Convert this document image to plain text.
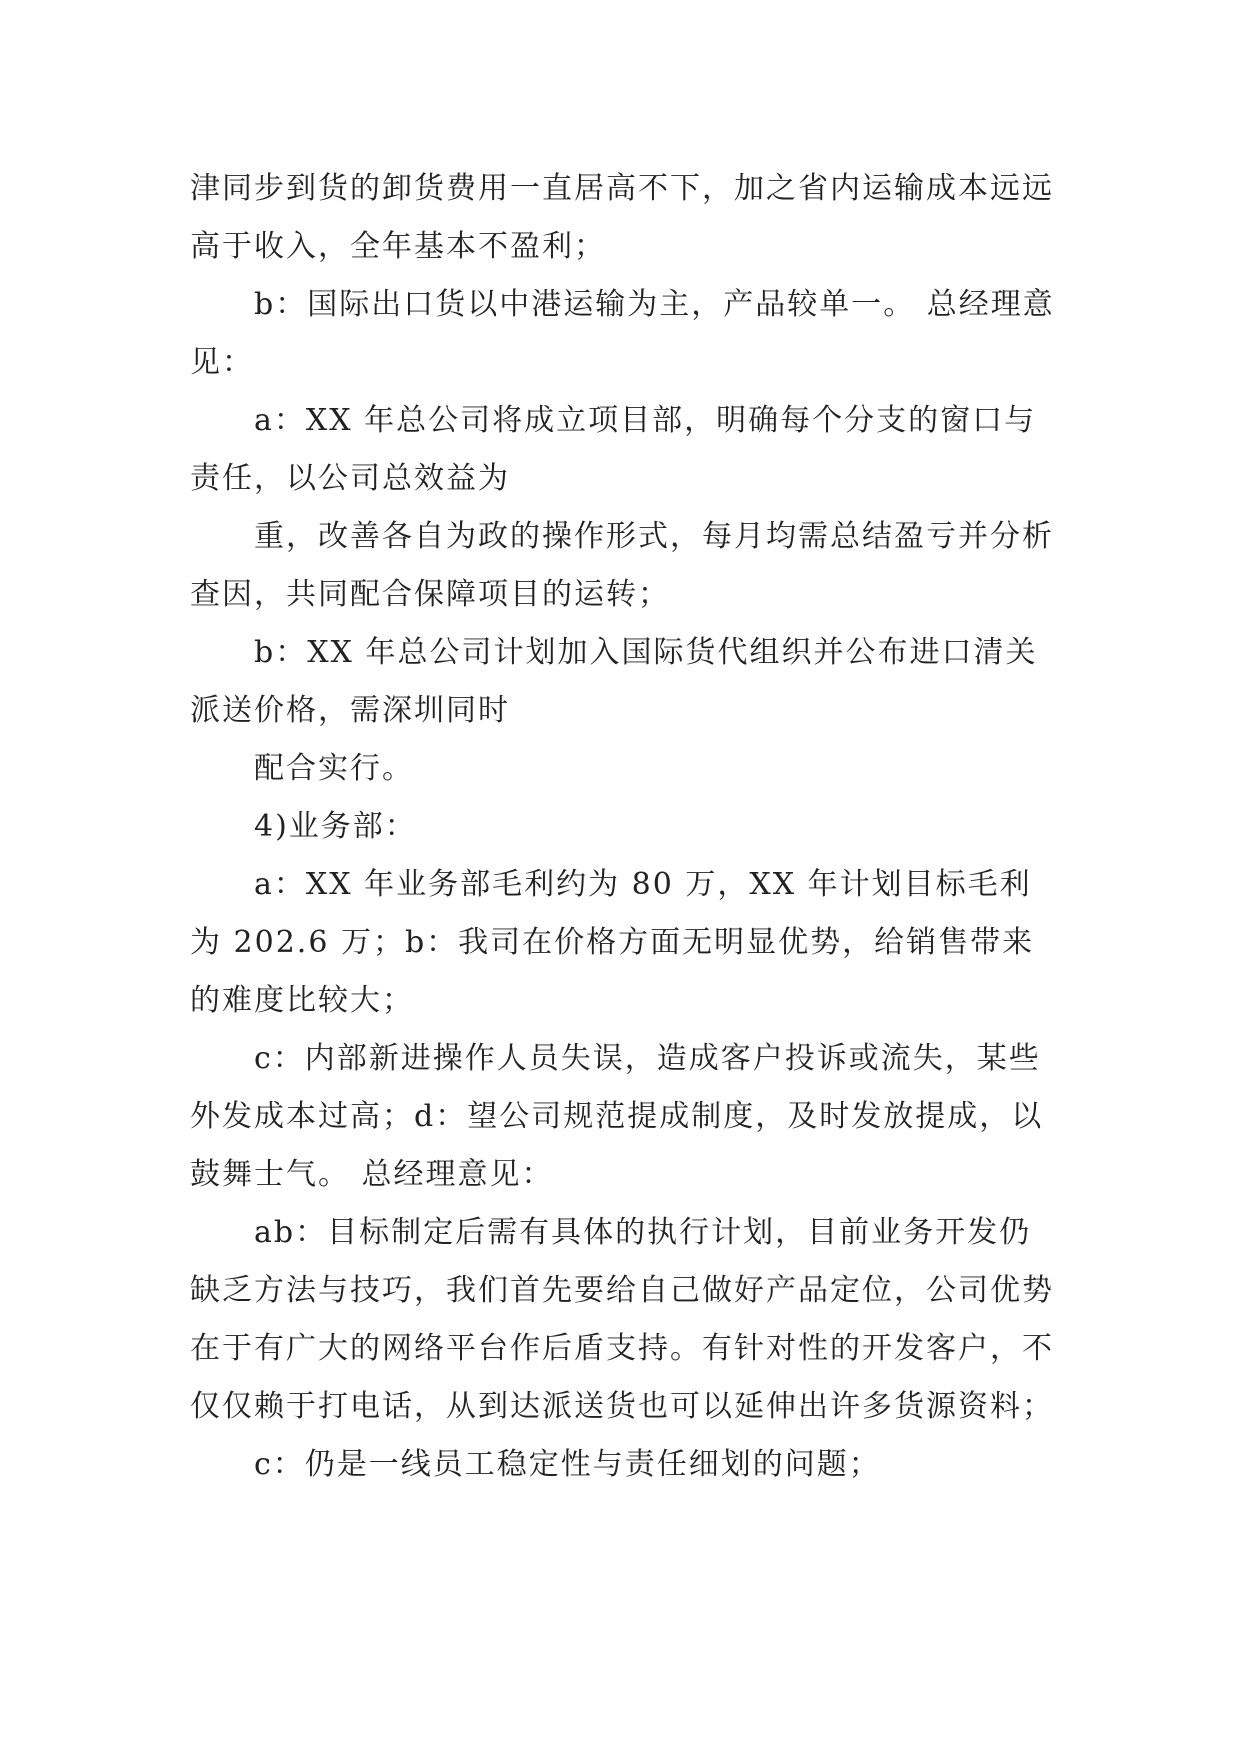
津同步到货的卸货费用一直居高不下，加之省内运输成本远远高于收入，全年基本不盈利；

b：国际出口货以中港运输为主，产品较单一。 总经理意见：

a：XX 年总公司将成立项目部，明确每个分支的窗口与责任，以公司总效益为

重，改善各自为政的操作形式，每月均需总结盈亏并分析查因，共同配合保障项目的运转；

b：XX 年总公司计划加入国际货代组织并公布进口清关派送价格，需深圳同时

配合实行。

4)业务部：

a：XX 年业务部毛利约为 80 万，XX 年计划目标毛利为 202.6 万；b：我司在价格方面无明显优势，给销售带来的难度比较大；

c：内部新进操作人员失误，造成客户投诉或流失，某些外发成本过高；d：望公司规范提成制度，及时发放提成，以鼓舞士气。 总经理意见：

ab：目标制定后需有具体的执行计划，目前业务开发仍缺乏方法与技巧，我们首先要给自己做好产品定位，公司优势在于有广大的网络平台作后盾支持。有针对性的开发客户，不仅仅赖于打电话，从到达派送货也可以延伸出许多货源资料；

c：仍是一线员工稳定性与责任细划的问题；
